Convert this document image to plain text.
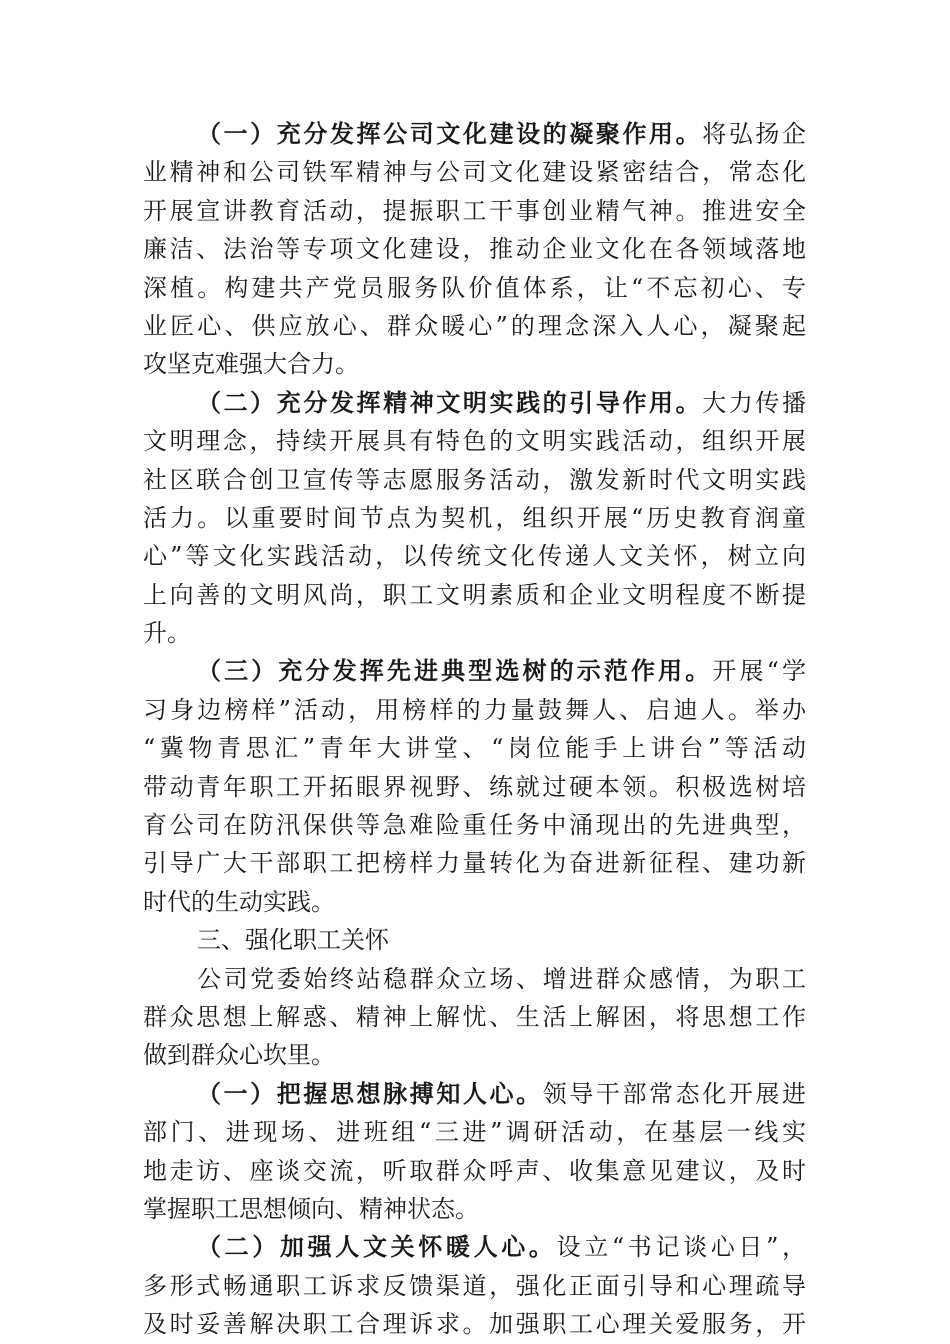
（一）充分发挥公司文化建设的凝聚作用。将弘扬企
业精神和公司铁军精神与公司文化建设紧密结合，常态化
开展宣讲教育活动，提振职工干事创业精气神。推进安全
廉洁、法治等专项文化建设，推动企业文化在各领域落地
深植。构建共产党员服务队价值体系，让“不忘初心、专
业匠心、供应放心、群众暖心”的理念深入人心，凝聚起
攻坚克难强大合力。
（二）充分发挥精神文明实践的引导作用。大力传播
文明理念，持续开展具有特色的文明实践活动，组织开展
社区联合创卫宣传等志愿服务活动，激发新时代文明实践
活力。以重要时间节点为契机，组织开展“历史教育润童
心”等文化实践活动，以传统文化传递人文关怀，树立向
上向善的文明风尚，职工文明素质和企业文明程度不断提
升。
（三）充分发挥先进典型选树的示范作用。开展“学
习身边榜样”活动，用榜样的力量鼓舞人、启迪人。举办
“冀物青思汇”青年大讲堂、“岗位能手上讲台”等活动
带动青年职工开拓眼界视野、练就过硬本领。积极选树培
育公司在防汛保供等急难险重任务中涌现出的先进典型，
引导广大干部职工把榜样力量转化为奋进新征程、建功新
时代的生动实践。
三、强化职工关怀
公司党委始终站稳群众立场、增进群众感情，为职工
群众思想上解惑、精神上解忧、生活上解困，将思想工作
做到群众心坎里。
（一）把握思想脉搏知人心。领导干部常态化开展进
部门、进现场、进班组“三进”调研活动，在基层一线实
地走访、座谈交流，听取群众呼声、收集意见建议，及时
掌握职工思想倾向、精神状态。
（二）加强人文关怀暖人心。设立“书记谈心日”，
多形式畅通职工诉求反馈渠道，强化正面引导和心理疏导
及时妥善解决职工合理诉求。加强职工心理关爱服务，开
